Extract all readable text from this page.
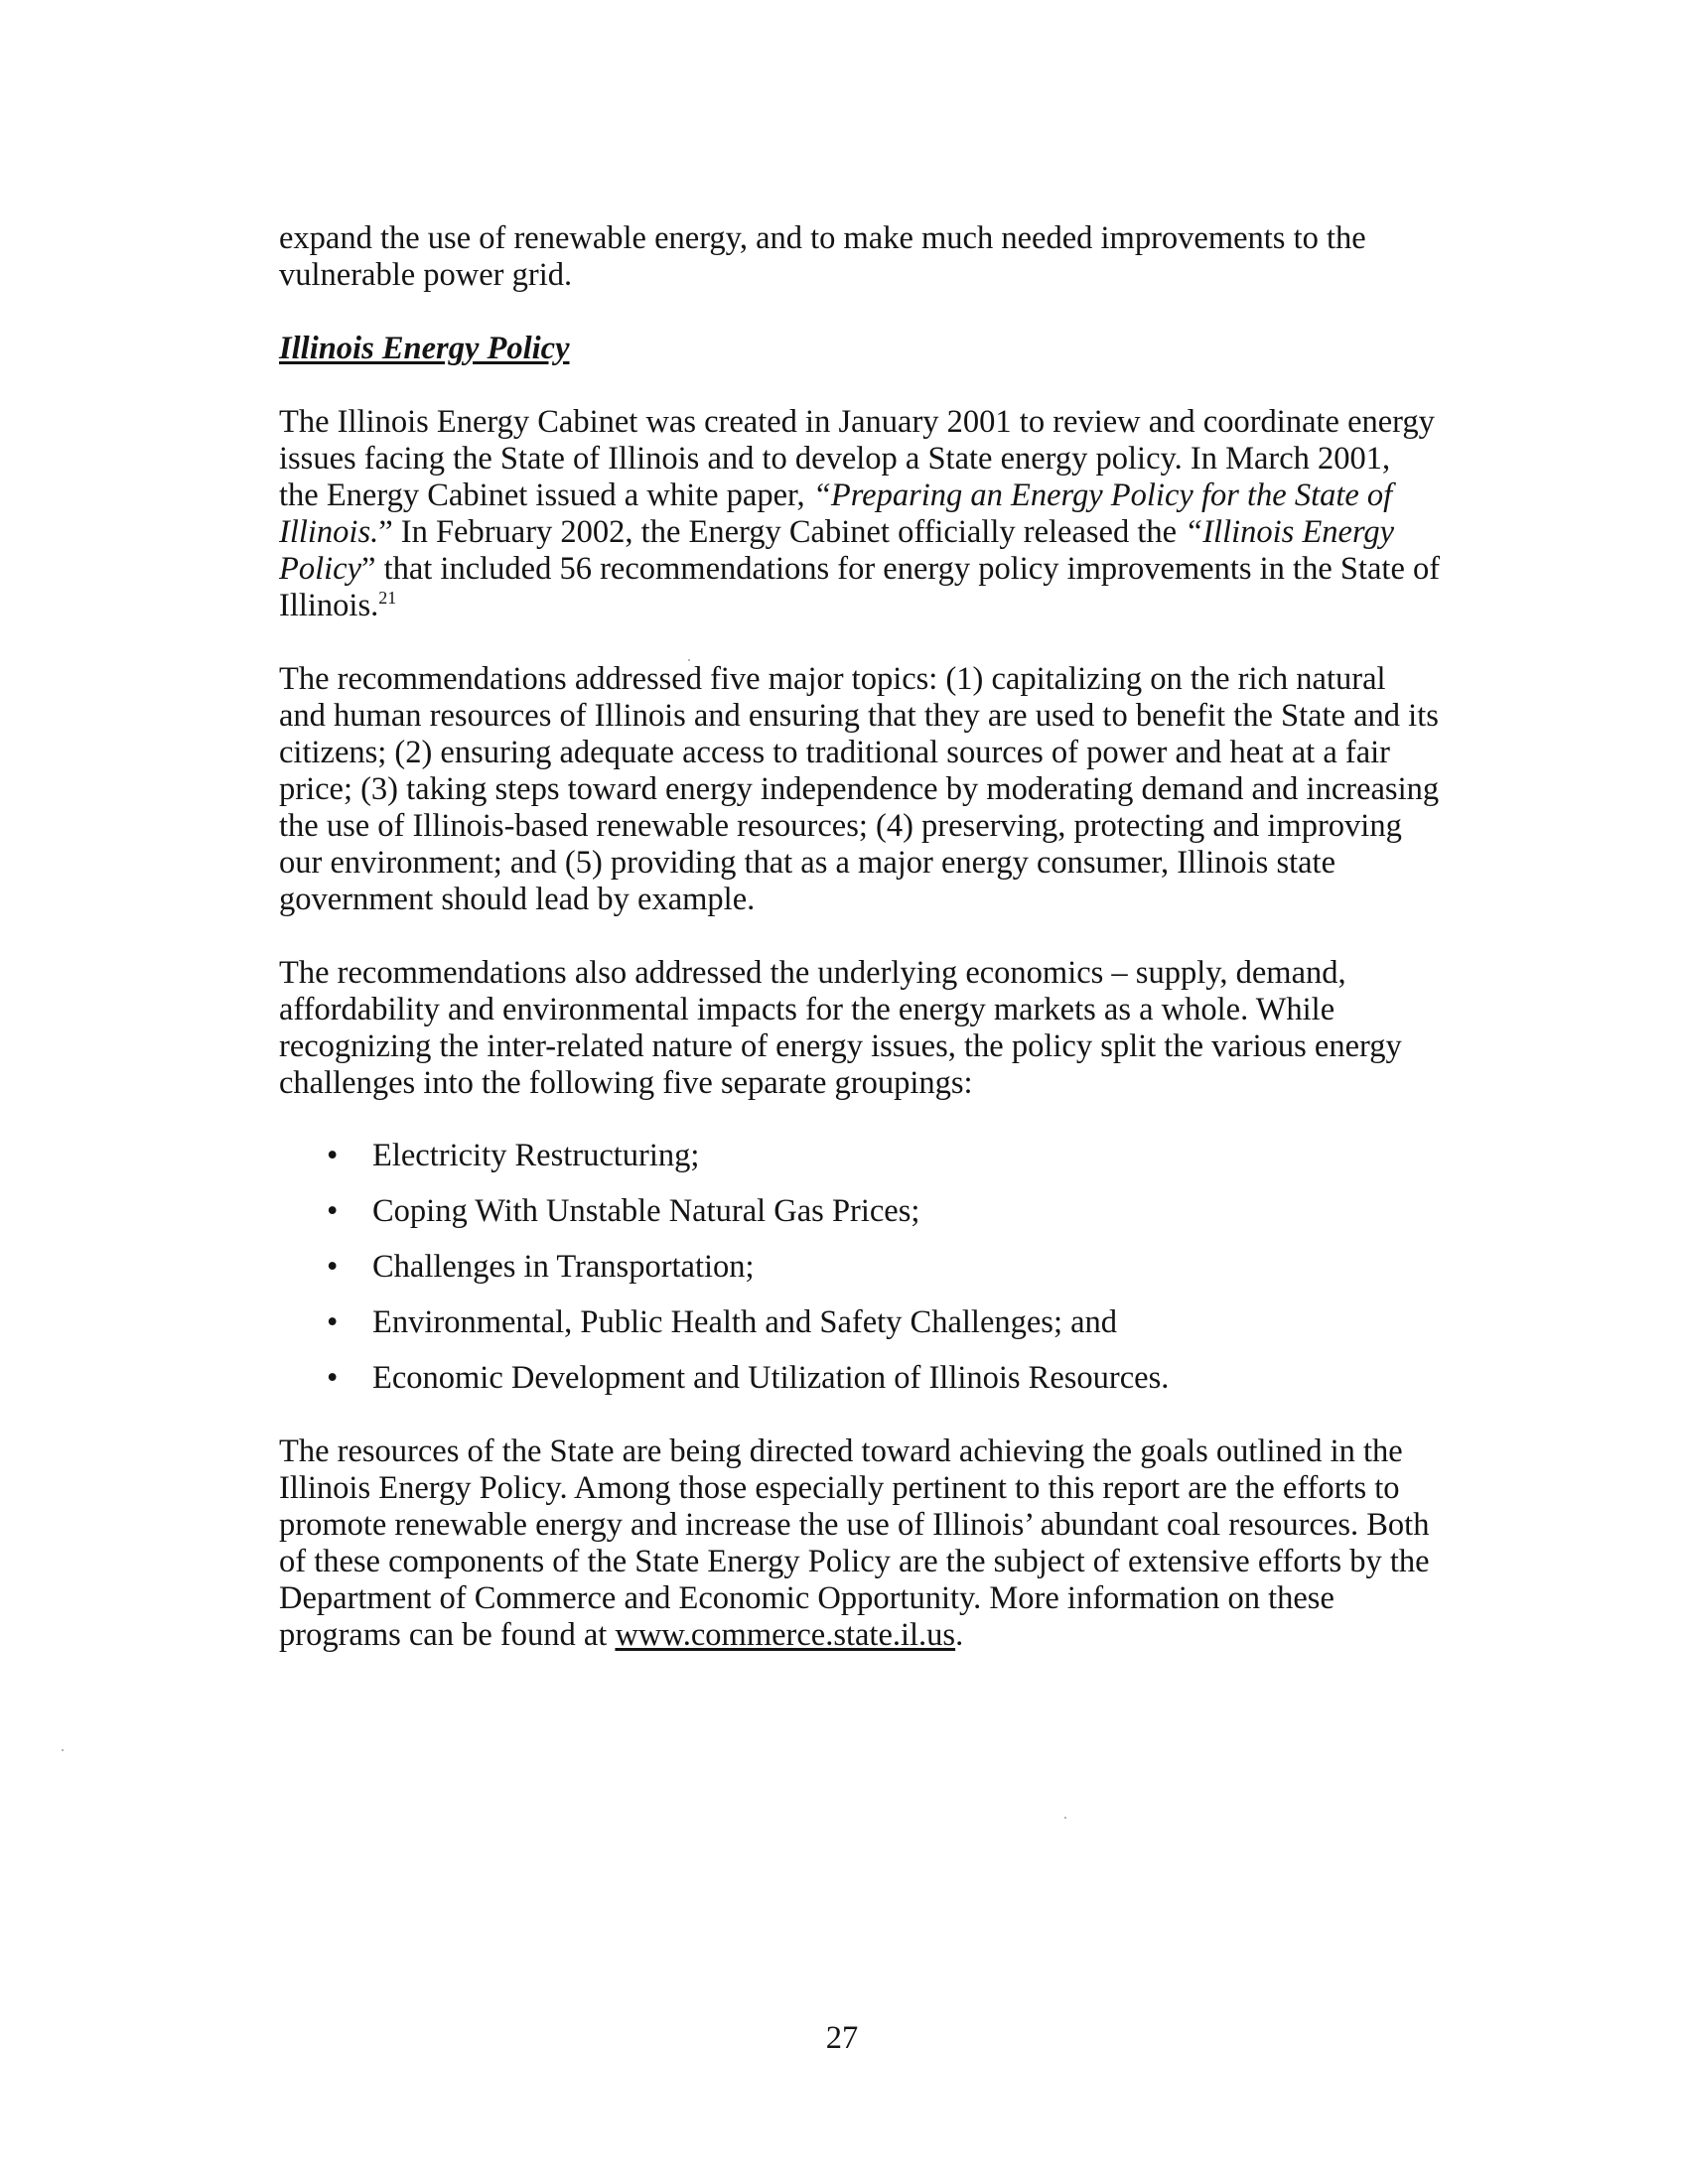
expand the use of renewable energy, and to make much needed improvements to the
vulnerable power grid.

Illinois Energy Policy

The Illinois Energy Cabinet was created in January 2001 to review and coordinate energy
issues facing the State of Illinois and to develop a State energy policy. In March 2001,
the Energy Cabinet issued a white paper, “Preparing an Energy Policy for the State of
Illinois.” In February 2002, the Energy Cabinet officially released the “Illinois Energy
Policy” that included 56 recommendations for energy policy improvements in the State of
Illinois.$^{21}$

The recommendations addressed five major topics: (1) capitalizing on the rich natural
and human resources of Illinois and ensuring that they are used to benefit the State and its
citizens; (2) ensuring adequate access to traditional sources of power and heat at a fair
price; (3) taking steps toward energy independence by moderating demand and increasing
the use of Illinois-based renewable resources; (4) preserving, protecting and improving
our environment; and (5) providing that as a major energy consumer, Illinois state
government should lead by example.

The recommendations also addressed the underlying economics – supply, demand,
affordability and environmental impacts for the energy markets as a whole. While
recognizing the inter-related nature of energy issues, the policy split the various energy
challenges into the following five separate groupings:

• Electricity Restructuring;
• Coping With Unstable Natural Gas Prices;
• Challenges in Transportation;
• Environmental, Public Health and Safety Challenges; and
• Economic Development and Utilization of Illinois Resources.

The resources of the State are being directed toward achieving the goals outlined in the
Illinois Energy Policy. Among those especially pertinent to this report are the efforts to
promote renewable energy and increase the use of Illinois’ abundant coal resources. Both
of these components of the State Energy Policy are the subject of extensive efforts by the
Department of Commerce and Economic Opportunity. More information on these
programs can be found at www.commerce.state.il.us.

27
